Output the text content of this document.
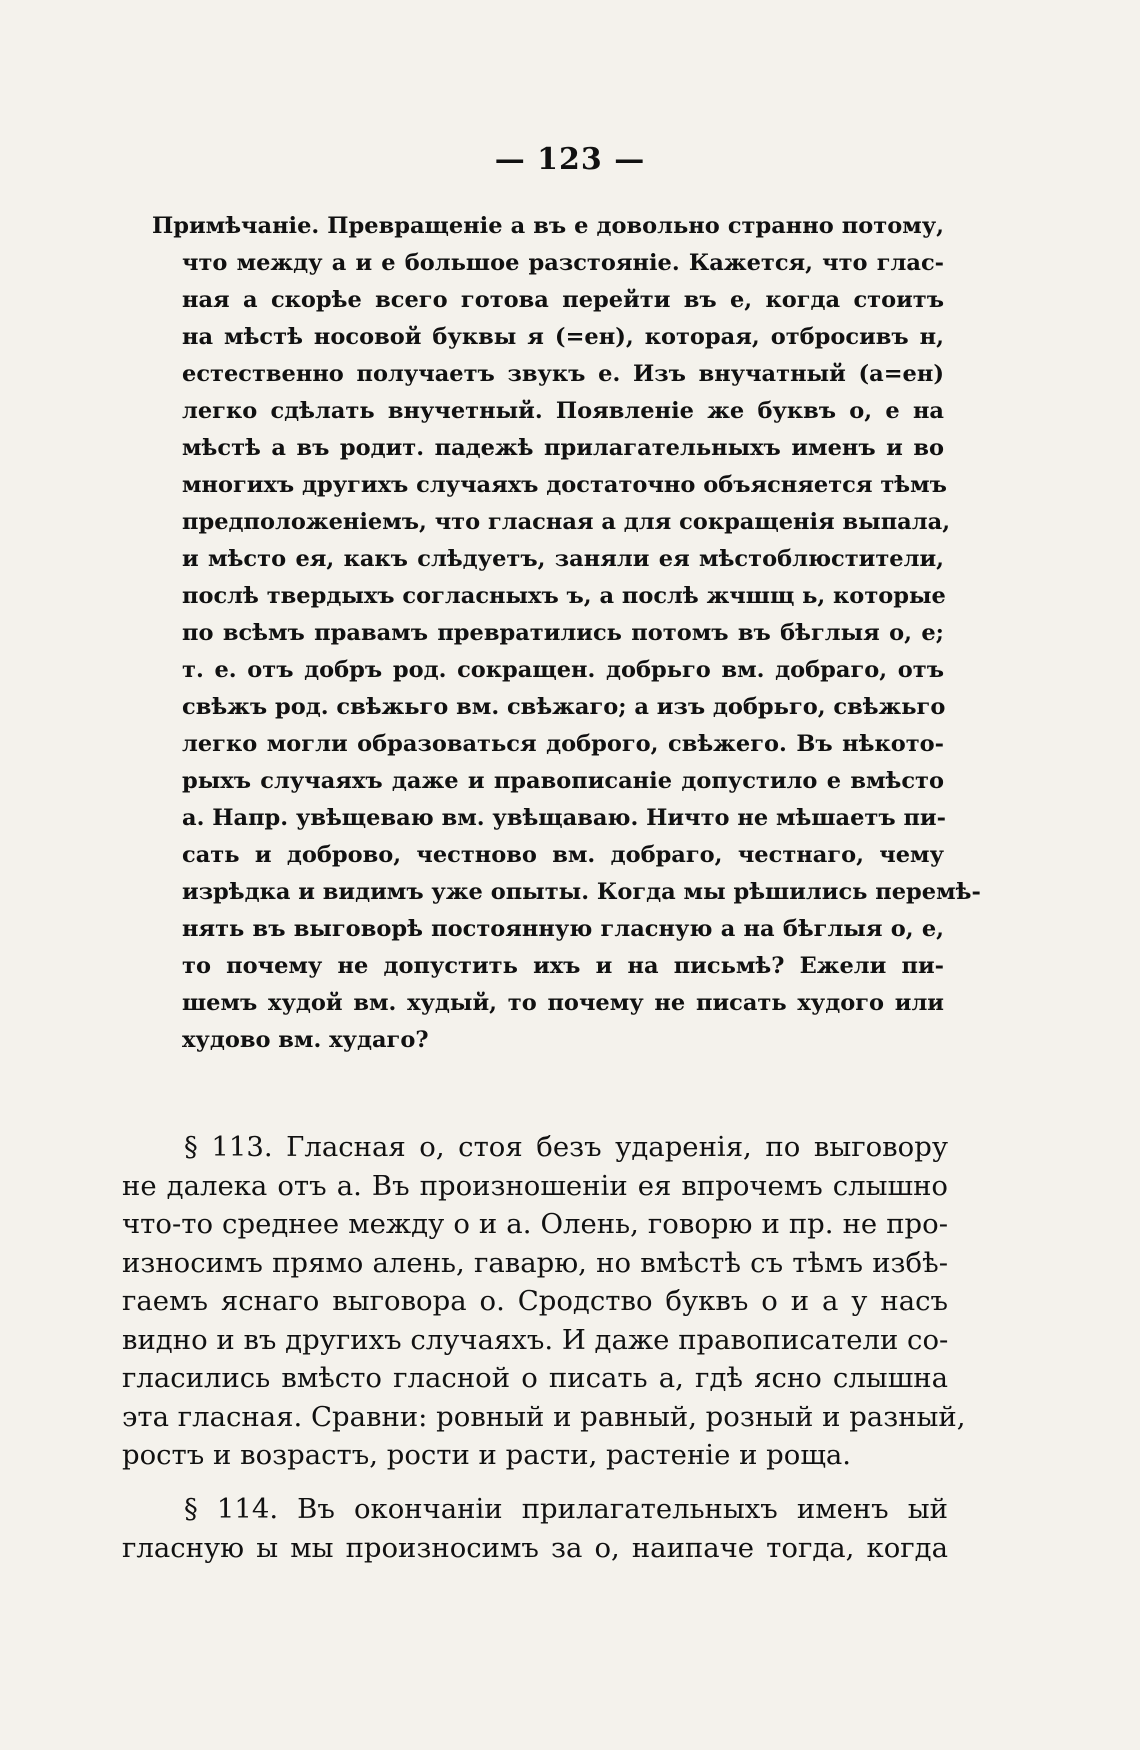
— 123 —
Примѣчаніе. Превращеніе а въ е довольно странно потому,
что между а и е большое разстояніе. Кажется, что глас-
ная а скорѣе всего готова перейти въ е, когда стоитъ
на мѣстѣ носовой буквы я (=ен), которая, отбросивъ н,
естественно получаетъ звукъ е. Изъ внучатный (а=ен)
легко сдѣлать внучетный. Появленіе же буквъ о, е на
мѣстѣ а въ родит. падежѣ прилагательныхъ именъ и во
многихъ другихъ случаяхъ достаточно объясняется тѣмъ
предположеніемъ, что гласная а для сокращенія выпала,
и мѣсто ея, какъ слѣдуетъ, заняли ея мѣстоблюстители,
послѣ твердыхъ согласныхъ ъ, а послѣ жчшщ ь, которые
по всѣмъ правамъ превратились потомъ въ бѣглыя о, е;
т. е. отъ добръ род. сокращен. добрьго вм. добраго, отъ
свѣжъ род. свѣжьго вм. свѣжаго; а изъ добрьго, свѣжьго
легко могли образоваться доброго, свѣжего. Въ нѣкото-
рыхъ случаяхъ даже и правописаніе допустило е вмѣсто
а. Напр. увѣщеваю вм. увѣщаваю. Ничто не мѣшаетъ пи-
сать и доброво, честново вм. добраго, честнаго, чему
изрѣдка и видимъ уже опыты. Когда мы рѣшились перемѣ-
нять въ выговорѣ постоянную гласную а на бѣглыя о, е,
то почему не допустить ихъ и на письмѣ? Ежели пи-
шемъ худой вм. худый, то почему не писать худого или
худово вм. худаго?
§ 113. Гласная о, стоя безъ ударенія, по выговору
не далека отъ а. Въ произношеніи ея впрочемъ слышно
что-то среднее между о и а. Олень, говорю и пр. не про-
износимъ прямо алень, гаварю, но вмѣстѣ съ тѣмъ избѣ-
гаемъ яснаго выговора о. Сродство буквъ о и а у насъ
видно и въ другихъ случаяхъ. И даже правописатели со-
гласились вмѣсто гласной о писать а, гдѣ ясно слышна
эта гласная. Сравни: ровный и равный, розный и разный,
ростъ и возрастъ, рости и расти, растеніе и роща.
§ 114. Въ окончаніи прилагательныхъ именъ ый
гласную ы мы произносимъ за о, наипаче тогда, когда
